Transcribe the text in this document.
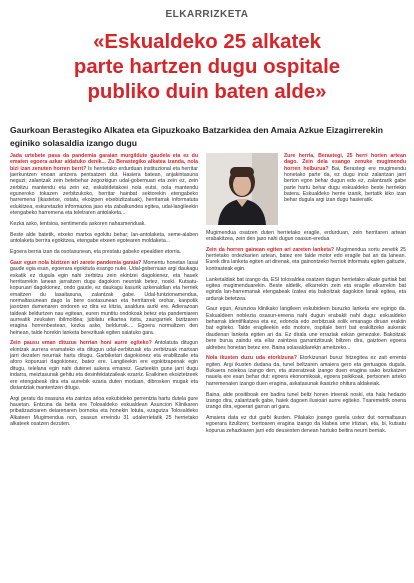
ELKARRIZKETA
«Eskualdeko 25 alkatek
parte hartzen dugu ospitale
publiko duin baten alde»

Gaurkoan Berastegiko Alkatea eta Gipuzkoako Batzarkidea den Amaia Azkue Eizagirrerekin eginiko solasaldia izango dugu

Jada urtebete pasa da pandemia garaian murgildute gaudela eta ez du ematen egoera azkar aldatuko denik... Zu Berastegiko alkatea izanda, nola bizi izan zenuten horren berri? Is herrietako erdurduan instituzional eta herritar jaerkuntzen enoan antzera pentsatzen dut. Hasiera batean, anjakintasuna neguzi; zalantzak zein betebehar zegozkigun udal-gobernuari eta zein ez, zein zerbitzu mantendu eta zein ez, eskubidetakoei nola eutsi, nola mantendu eguneroko tokazen zerbitzukoko, herritar hainbat sektorekin etengabeko harremena (ikastetxe, ostatu, ekoizpen etxebizitzatuak), herritarrak informatuta edukitzea, eskuretazko informazioa jaso eta zabalkundea egitea, udal-langileekin etengabeko harremena eta teletraren antolaketa...

Kezka asko, tentsioa, sentimendu askoren nahasmenduak.

Beste alde batetik, etxeko martxa egokitu behar; lan-antolaketa, seme-alaben antolaketa berrira egokitzea, etengabe etxeen egotearen moldaketa...

Egoera berria izan da osotasunean, eta prestatu gabeko epealdien etorria.

Gaur egun nola bizitzen ari zarete pandemia garaia? Momentu honetan lasai gaude egia esan, egoerara egokituta esango nuke. Udal-gobernuan argi daukagu eskatik ez dugula egin nahi zerbitzu zein ekintzei dagokienez, eta hauek herritarrekin lanean jarraitzen dugu dagokion neurriak betez, noski. Kutsatu-kopuruari dagokionez, ondo gaude, ez daukagu kasurik azkenaldian eta herriek emaitzen du lasaitasuna, zalantzak gabe. Udal-funtzionamendua, normaltasunean dago la bere osotasunean eta herritarrek orohar, kanpotik jasotzen dumenaren ondoren ez dira ez kitzia, asaldura aurki ere. Adierazoan taldeak beldurtzen nau egitean, euren muntitu ondokoak betez eta pandemiaren aurreatik zeukaten ibilmoldea; jubilatu elkartea itxita, zaurgarriek bizitzaren eragina horrenbestean, kezka asko, beldurrak.... Egoera normaltzen den heinean, talde horekin lanketa berezituak egiten saiatuko gara.

Zein pausu eman dituzue herrian honi aurre egiteko? Antolatuta ditugun ekintzak aurrera eramateko eta ditugun udal-zerbitzuak eta zerbitzuak martxan jarri dezaten neurriak hartu ditugu. Garbiketari dagokionez eta erabiltzaile eta aforo kopuruari dagokionez, batez ere. Langileekin ere egokitzapenak egin ditugu, telelana egin nahi dutenei aukera emanez. Gazteekin gune jarri dugu indarra, meiztasunak gehitu eta desinfektatzaileak ezarriz. Eraikinen ekoiztetzeek ere etengabeak dira eta aurrebik ezaria duten moduan, dibrosken mugak eta distantziak mantentzen ditugu.

Argi geratu da osasuna eta zaintza arloa eskubideko gerrentzia hartu dutela gure hauetan. Entzuna da beita ere Tolosaldeko eskualdean Asuncion Klinikaren pribatizazioaren deiarenaren bornoka eta honekin lotuta, ezagutza Tolosaldeko Alkateen Mugimendua non, osasun erreindu 31 udalerrietatik 25 herrietako alkateek osatzen dezuten.

Zure herria, Berastegi, 25 herri horien artean dago. Zein dela esango zenuke mugimendu horren helburua? Bai, Berastegi ere mugimendu honetako parte da, ez dugu inoiz zalantzan jarri berton egon behar dugun edo ez, zalantzarik gabe parte hartu behar dugu eskualdeko beste herriekin batera. Eskualdeko herrie izanik, bertatik kiko izan behar dugula argi izan dugu hasieratik.

Mugimendua osatzen duten herrietako eragile, erdurduan, zein herritaren artean erabakitzea, zein den jaso nahi dugun osasun-eredua

Zein da horren gainean egiten ari zareten lanketa? Mugimendua sortu zenetik 25 herrietako ordezkarien artean, batez ere talde motor edo eragile bat ari da lanean. Eurek dira lanketa egiten ari direnak, eta gainontzeko herriok informatu egiten gaituzte, kontrasteak egin.

Lanketaldiak bat izango da, ESI tolosaldea osatzen dugun herrietako alkate gurtiak bat egitea mugimenduarekin. Beste aldetik, elkarrekin zein eta eragile elkarrekin bat eginda lan-harremanak etengabeak izatea eta bakoitzak dagokion lanak egitea, eta ardurak betetzea.

Gaur egun, Asunzioa klinikako langileen eskubideen buruzko lanketa ere egingo da. Eskualdeen noblezia osasun-ereena nahi dugun erabakit nahi dugu: eskualdeko beharrak identifikatzea eta ez, edonola edo zerbitzuak solik emanago diruan erakiin bat egiteko. Talde eragileekin edo motore, ospitale berri bat erakiltzeko aukerak daudenan lanketa egiten ari da. Ez dirala une erraziak eskan genezake. Bakoitzak bere burua zaindu eta ellar zaintzea garrantzitsuak biltzen dira, gaiztoen egoera aldrebes honetan betez ere. Baina solasaldiarekin ameitzeko...

Nola ikusten duzu uda etorkizuna? Etorkizunari buruz hitzegitea ez zait errenta egiten. Argi ikusten dudana da, tunel beltzaren amaiera gero eta gertuagoa dugula. Bukaera noiekoa izango den, eta atzeratzeak izango duen eragina sako kezkatzen nauela ere esan behar dut: egoera ekonomikoak, egoera psikikoak, pertsonen arteko harremenaien izango duen eragina, askatasunak ikasizko ohitura aldakeiak.

Baina, alde positiboak ere badira tunel beltz honen irteerak noski, eta hala hedazio izango dira, zalantzarik gabe, haiek dagoen ilusioari aurre egiteko. Txaremetrik onena izango dira, egoerari garran ari gara.

Amaiera data ez dut garbi ikusten. Pilakako joango garela ustez dut normaltasun egoerara itzultzen; txertoaren eragina izango da klabea ume irtizian, eta, bi, kutsatu kopurua zehazkiaren jarri edo deusesten denean hartuko beitira neurri berriak.
